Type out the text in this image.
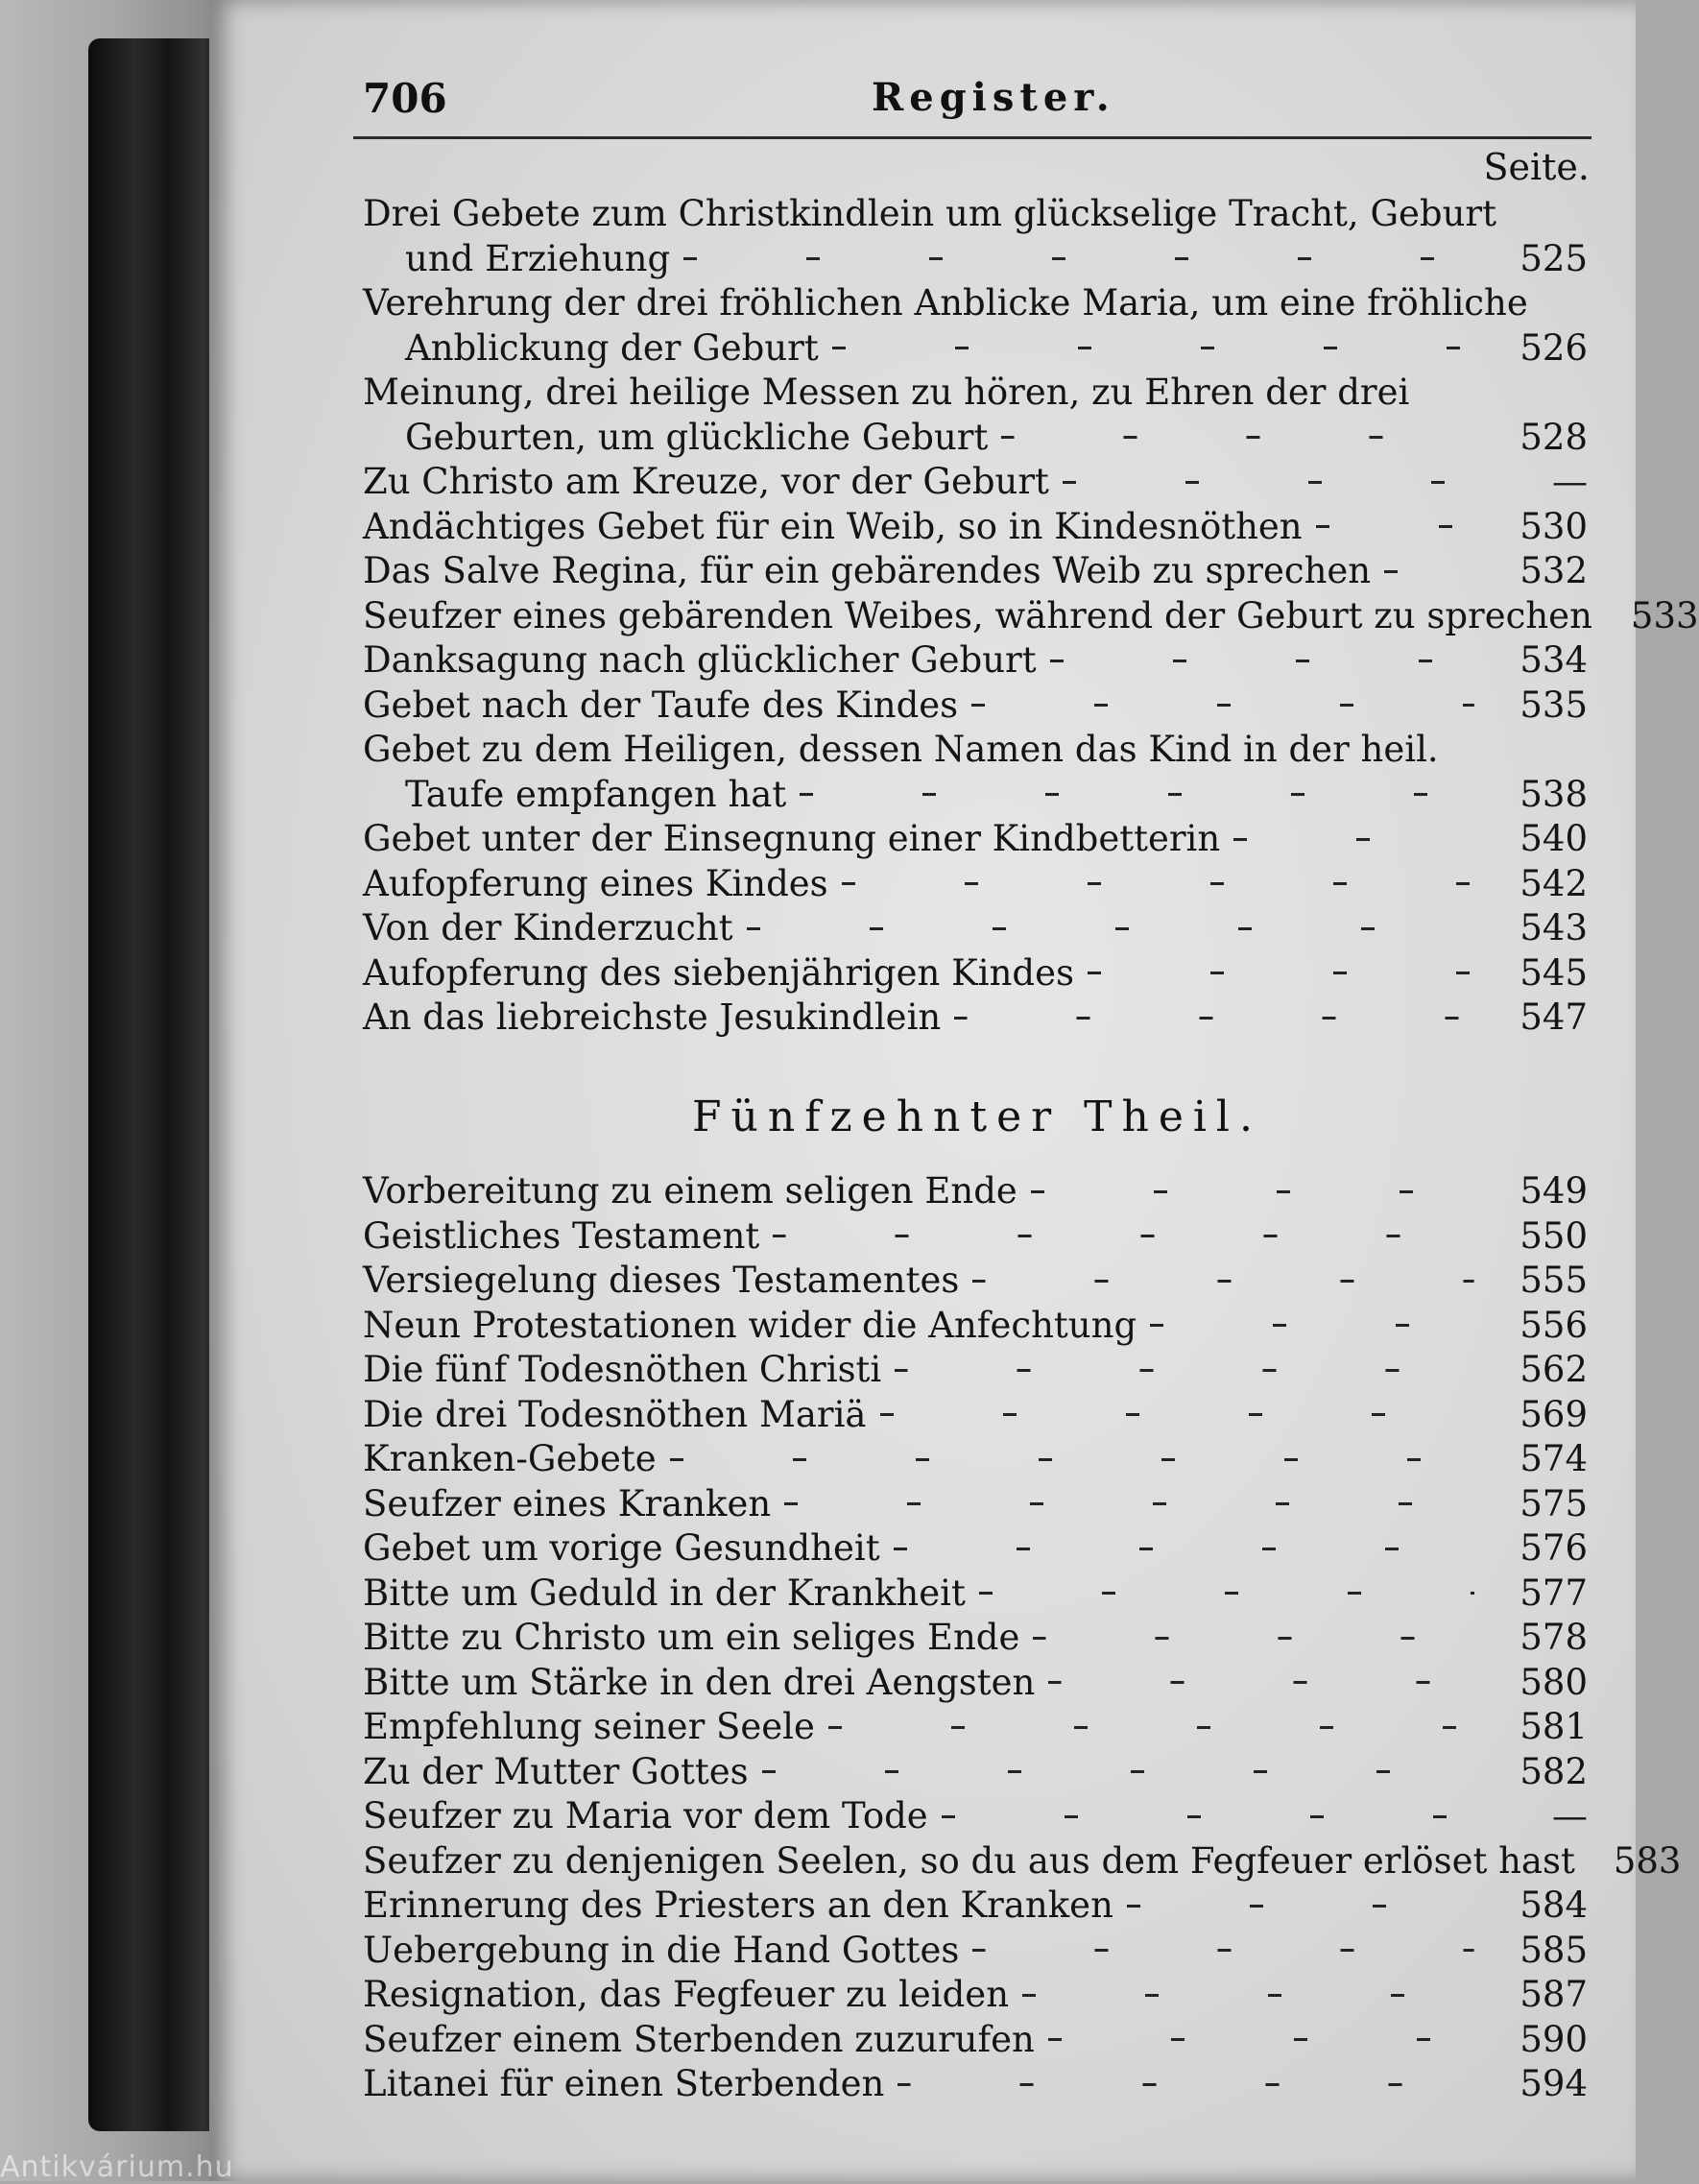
706	Register.
Seite.
Drei Gebete zum Christkindlein um glückselige Tracht, Geburt
und Erziehung	525
Verehrung der drei fröhlichen Anblicke Maria, um eine fröhliche
Anblickung der Geburt	526
Meinung, drei heilige Messen zu hören, zu Ehren der drei
Geburten, um glückliche Geburt	528
Zu Christo am Kreuze, vor der Geburt	—
Andächtiges Gebet für ein Weib, so in Kindesnöthen	530
Das Salve Regina, für ein gebärendes Weib zu sprechen	532
Seufzer eines gebärenden Weibes, während der Geburt zu sprechen 533
Danksagung nach glücklicher Geburt	534
Gebet nach der Taufe des Kindes	535
Gebet zu dem Heiligen, dessen Namen das Kind in der heil.
Taufe empfangen hat	538
Gebet unter der Einsegnung einer Kindbetterin	540
Aufopferung eines Kindes	542
Von der Kinderzucht	543
Aufopferung des siebenjährigen Kindes	545
An das liebreichste Jesukindlein	547
Fünfzehnter Theil.
Vorbereitung zu einem seligen Ende	549
Geistliches Testament	550
Versiegelung dieses Testamentes	555
Neun Protestationen wider die Anfechtung	556
Die fünf Todesnöthen Christi	562
Die drei Todesnöthen Mariä	569
Kranken-Gebete	574
Seufzer eines Kranken	575
Gebet um vorige Gesundheit	576
Bitte um Geduld in der Krankheit	577
Bitte zu Christo um ein seliges Ende	578
Bitte um Stärke in den drei Aengsten	580
Empfehlung seiner Seele	581
Zu der Mutter Gottes	582
Seufzer zu Maria vor dem Tode	—
Seufzer zu denjenigen Seelen, so du aus dem Fegfeuer erlöset hast 583
Erinnerung des Priesters an den Kranken	584
Uebergebung in die Hand Gottes	585
Resignation, das Fegfeuer zu leiden	587
Seufzer einem Sterbenden zuzurufen	590
Litanei für einen Sterbenden	594
Antikvárium.hu
